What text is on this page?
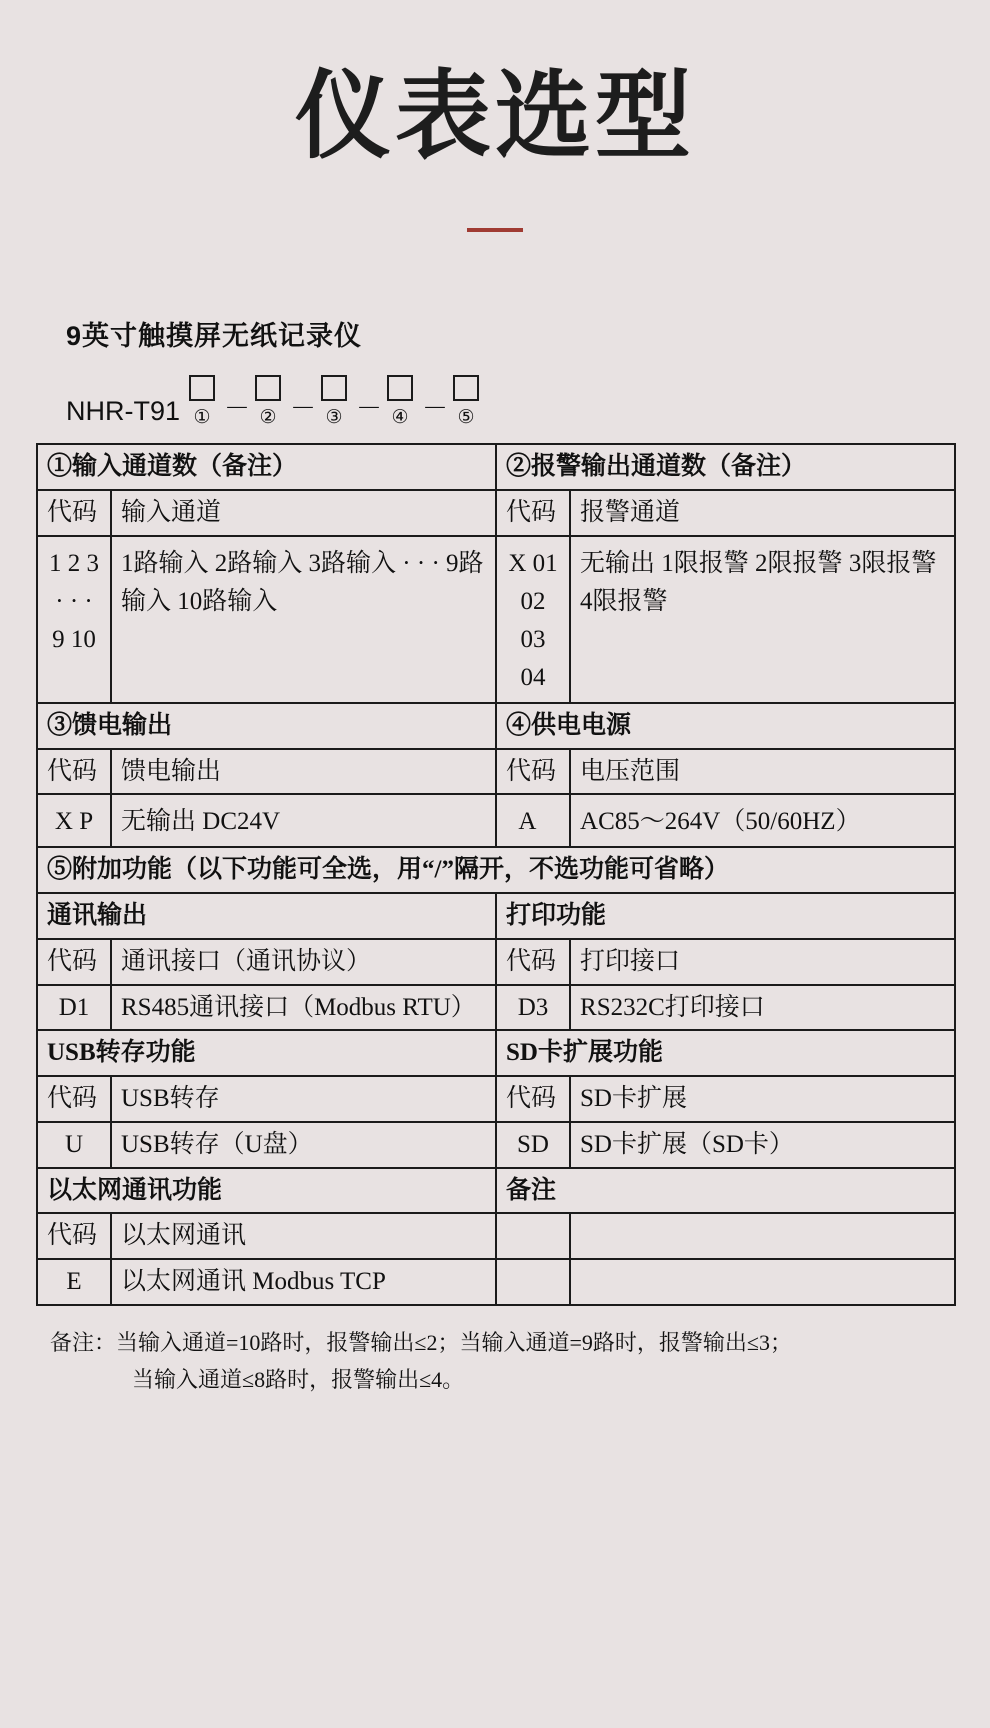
仪表选型
9英寸触摸屏无纸记录仪
NHR-T91 ① － ② － ③ － ④ － ⑤
①输入通道数（备注）		②报警输出通道数（备注）	
代码	输入通道	代码	报警通道

1 2 3 · · · 9 10	1路输入 2路输入 3路输入 · · · 9路输入 10路输入	X 01 02 03 04	无输出 1限报警 2限报警 3限报警 4限报警

③馈电输出		④供电电源	
代码	馈电输出	代码	电压范围

X P	无输出 DC24V	A	AC85～264V（50/60HZ）

⑤附加功能（以下功能可全选，用“/”隔开，不选功能可省略）			
通讯输出		打印功能	
代码	通讯接口（通讯协议）	代码	打印接口
D1	RS485通讯接口（Modbus RTU）	D3	RS232C打印接口
USB转存功能		SD卡扩展功能	
代码	USB转存	代码	SD卡扩展
U	USB转存（U盘）	SD	SD卡扩展（SD卡）
以太网通讯功能		备注	
代码	以太网通讯		
E	以太网通讯 Modbus TCP		
备注：当输入通道=10路时，报警输出≤2；当输入通道=9路时，报警输出≤3；
当输入通道≤8路时，报警输出≤4。
